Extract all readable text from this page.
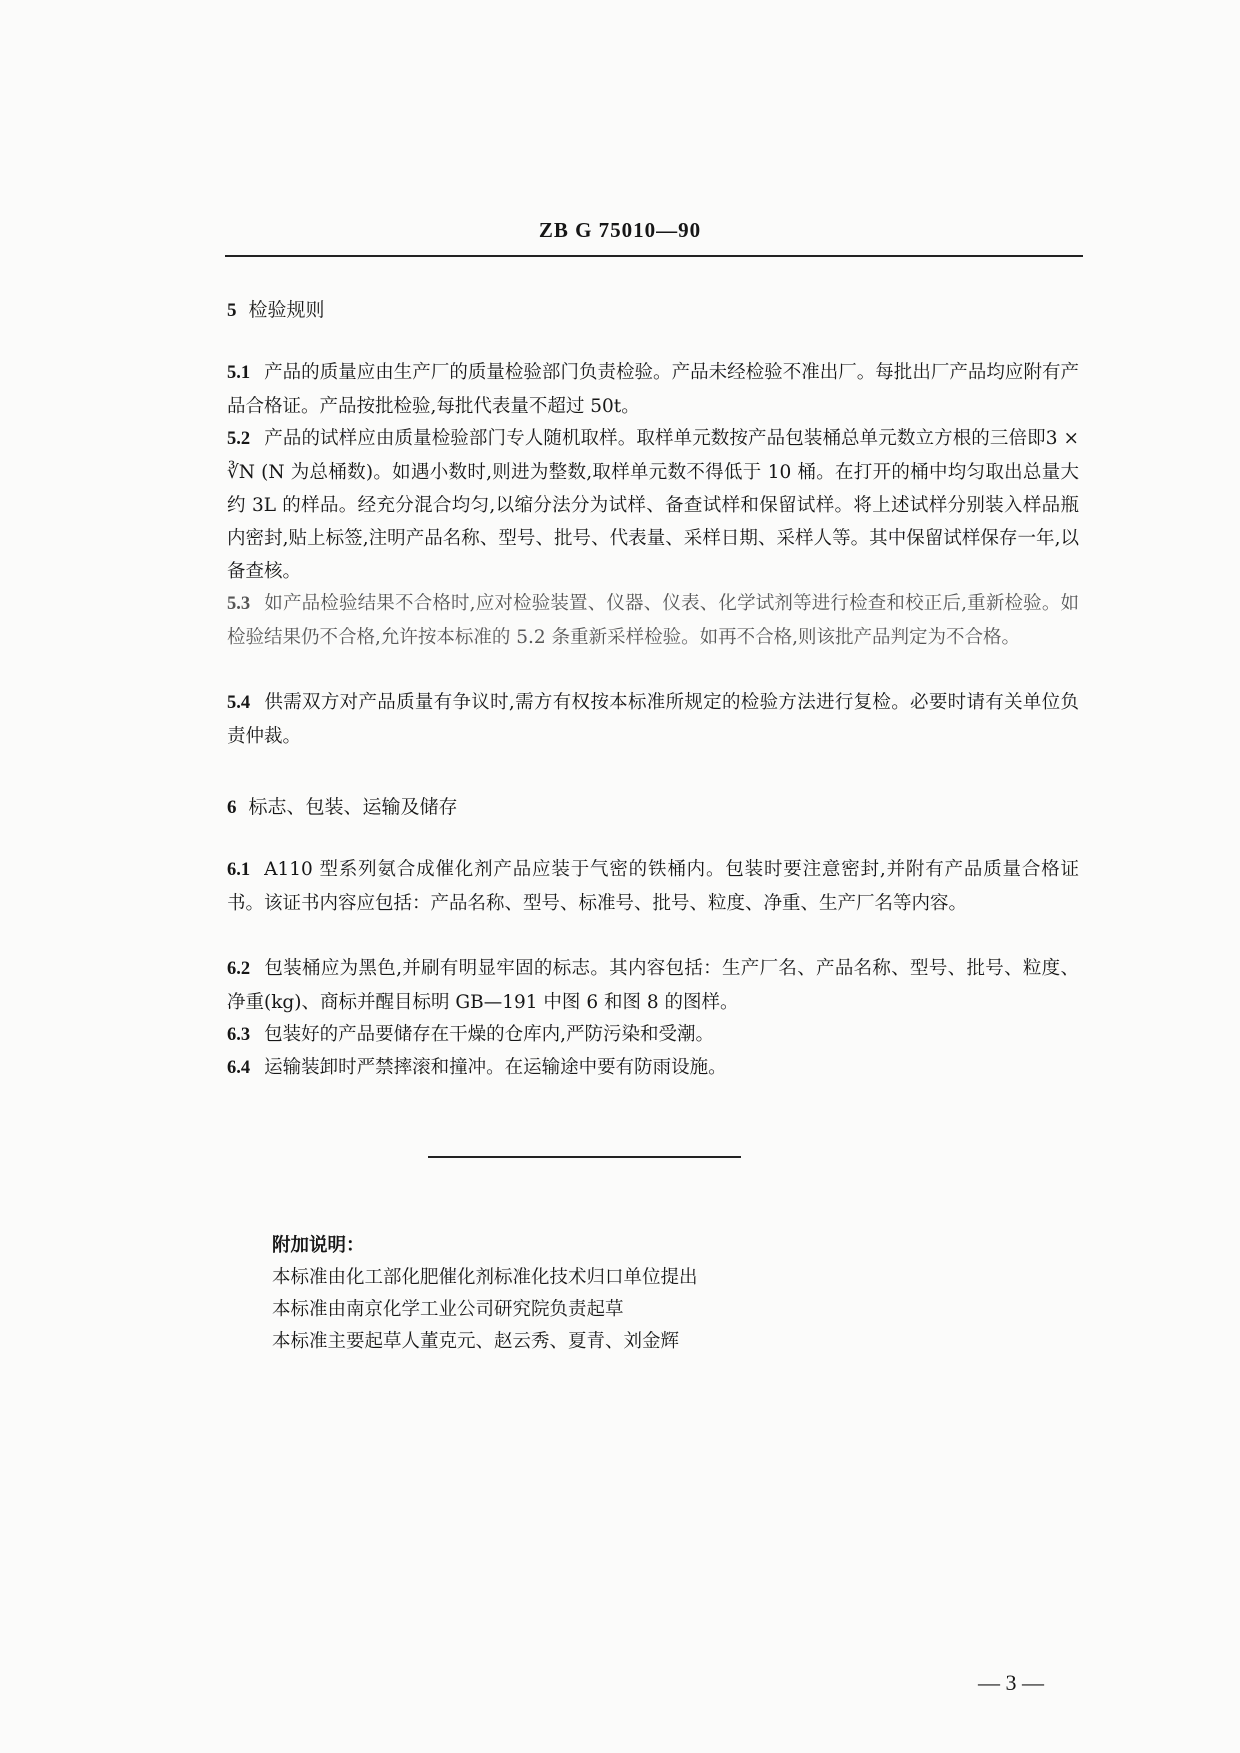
ZB G 75010—90
5 检验规则
5.1 产品的质量应由生产厂的质量检验部门负责检验。产品未经检验不准出厂。每批出厂产品均应附有产品合格证。产品按批检验,每批代表量不超过 50t。
5.2 产品的试样应由质量检验部门专人随机取样。取样单元数按产品包装桶总单元数立方根的三倍即3 × ∛N (N 为总桶数)。如遇小数时,则进为整数,取样单元数不得低于 10 桶。在打开的桶中均匀取出总量大约 3L 的样品。经充分混合均匀,以缩分法分为试样、备查试样和保留试样。将上述试样分别装入样品瓶内密封,贴上标签,注明产品名称、型号、批号、代表量、采样日期、采样人等。其中保留试样保存一年,以备查核。
5.3 如产品检验结果不合格时,应对检验装置、仪器、仪表、化学试剂等进行检查和校正后,重新检验。如检验结果仍不合格,允许按本标准的 5.2 条重新采样检验。如再不合格,则该批产品判定为不合格。
5.4 供需双方对产品质量有争议时,需方有权按本标准所规定的检验方法进行复检。必要时请有关单位负责仲裁。
6 标志、包装、运输及储存
6.1 A110 型系列氨合成催化剂产品应装于气密的铁桶内。包装时要注意密封,并附有产品质量合格证书。该证书内容应包括：产品名称、型号、标准号、批号、粒度、净重、生产厂名等内容。
6.2 包装桶应为黑色,并刷有明显牢固的标志。其内容包括：生产厂名、产品名称、型号、批号、粒度、净重(kg)、商标并醒目标明 GB—191 中图 6 和图 8 的图样。
6.3 包装好的产品要储存在干燥的仓库内,严防污染和受潮。
6.4 运输装卸时严禁摔滚和撞冲。在运输途中要有防雨设施。
附加说明：
本标准由化工部化肥催化剂标准化技术归口单位提出
本标准由南京化学工业公司研究院负责起草
本标准主要起草人董克元、赵云秀、夏青、刘金辉
— 3 —
